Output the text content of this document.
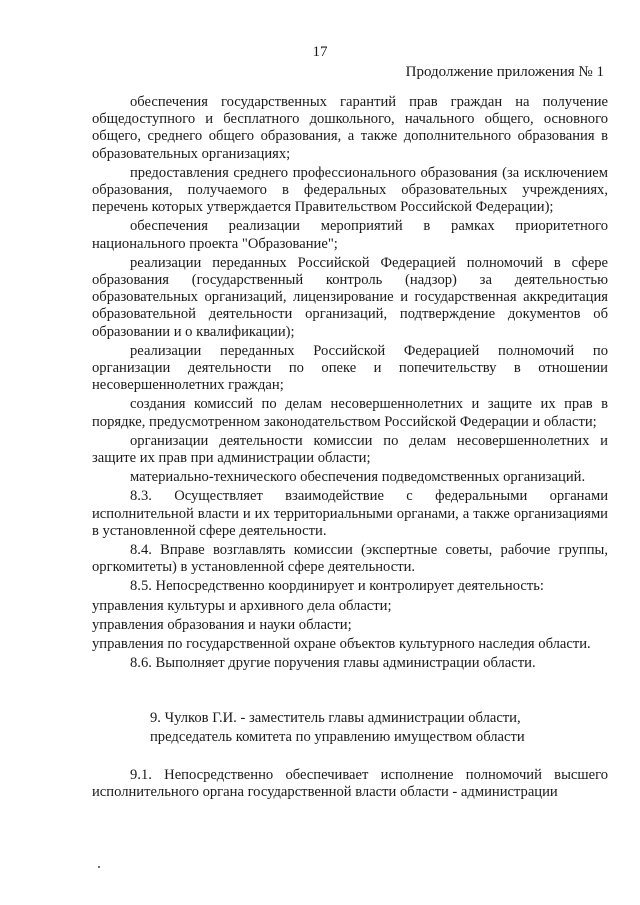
17
Продолжение приложения № 1

обеспечения государственных гарантий прав граждан на получение общедоступного и бесплатного дошкольного, начального общего, основного общего, среднего общего образования, а также дополнительного образования в образовательных организациях;

предоставления среднего профессионального образования (за исключением образования, получаемого в федеральных образовательных учреждениях, перечень которых утверждается Правительством Российской Федерации);

обеспечения реализации мероприятий в рамках приоритетного национального проекта "Образование";

реализации переданных Российской Федерацией полномочий в сфере образования (государственный контроль (надзор) за деятельностью образовательных организаций, лицензирование и государственная аккредитация образовательной деятельности организаций, подтверждение документов об образовании и о квалификации);

реализации переданных Российской Федерацией полномочий по организации деятельности по опеке и попечительству в отношении несовершеннолетних граждан;

создания комиссий по делам несовершеннолетних и защите их прав в порядке, предусмотренном законодательством Российской Федерации и области;

организации деятельности комиссии по делам несовершеннолетних и защите их прав при администрации области;

материально-технического обеспечения подведомственных организаций.

8.3. Осуществляет взаимодействие с федеральными органами исполнительной власти и их территориальными органами, а также организациями в установленной сфере деятельности.

8.4. Вправе возглавлять комиссии (экспертные советы, рабочие группы, оргкомитеты) в установленной сфере деятельности.

8.5. Непосредственно координирует и контролирует деятельность:

управления культуры и архивного дела области;

управления образования и науки области;

управления по государственной охране объектов культурного наследия области.

8.6. Выполняет другие поручения главы администрации области.

9. Чулков Г.И. - заместитель главы администрации области,
председатель комитета по управлению имуществом области

9.1. Непосредственно обеспечивает исполнение полномочий высшего исполнительного органа государственной власти области - администрации
